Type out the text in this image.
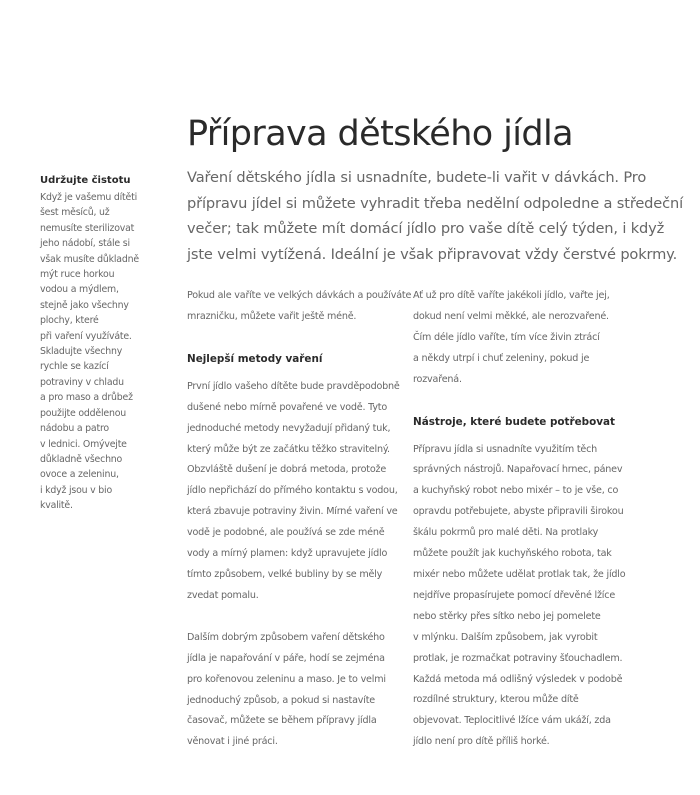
Příprava dětského jídla

Vaření dětského jídla si usnadníte, budete-li vařit v dávkách. Pro
přípravu jídel si můžete vyhradit třeba nedělní odpoledne a středeční
večer; tak můžete mít domácí jídlo pro vaše dítě celý týden, i když
jste velmi vytížená. Ideální je však připravovat vždy čerstvé pokrmy.

Udržujte čistotu
Když je vašemu dítěti
šest měsíců, už
nemusíte sterilizovat
jeho nádobí, stále si
však musíte důkladně
mýt ruce horkou
vodou a mýdlem,
stejně jako všechny
plochy, které
při vaření využíváte.
Skladujte všechny
rychle se kazící
potraviny v chladu
a pro maso a drůbež
použijte oddělenou
nádobu a patro
v lednici. Omývejte
důkladně všechno
ovoce a zeleninu,
i když jsou v bio
kvalitě.

Pokud ale vaříte ve velkých dávkách a používáte
mrazničku, můžete vařit ještě méně.

Nejlepší metody vaření

První jídlo vašeho dítěte bude pravděpodobně
dušené nebo mírně povařené ve vodě. Tyto
jednoduché metody nevyžadují přidaný tuk,
který může být ze začátku těžko stravitelný.
Obzvláště dušení je dobrá metoda, protože
jídlo nepřichází do přímého kontaktu s vodou,
která zbavuje potraviny živin. Mírné vaření ve
vodě je podobné, ale používá se zde méně
vody a mírný plamen: když upravujete jídlo
tímto způsobem, velké bubliny by se měly
zvedat pomalu.

Dalším dobrým způsobem vaření dětského
jídla je napařování v páře, hodí se zejména
pro kořenovou zeleninu a maso. Je to velmi
jednoduchý způsob, a pokud si nastavíte
časovač, můžete se během přípravy jídla
věnovat i jiné práci.

Ať už pro dítě vaříte jakékoli jídlo, vařte jej,
dokud není velmi měkké, ale nerozvařené.
Čím déle jídlo vaříte, tím více živin ztrácí
a někdy utrpí i chuť zeleniny, pokud je
rozvařená.

Nástroje, které budete potřebovat

Přípravu jídla si usnadníte využitím těch
správných nástrojů. Napařovací hrnec, pánev
a kuchyňský robot nebo mixér – to je vše, co
opravdu potřebujete, abyste připravili širokou
škálu pokrmů pro malé děti. Na protlaky
můžete použít jak kuchyňského robota, tak
mixér nebo můžete udělat protlak tak, že jídlo
nejdříve propasírujete pomocí dřevěné lžíce
nebo stěrky přes sítko nebo jej pomelete
v mlýnku. Dalším způsobem, jak vyrobit
protlak, je rozmačkat potraviny šťouchadlem.
Každá metoda má odlišný výsledek v podobě
rozdílné struktury, kterou může dítě
objevovat. Teplocitlivé lžíce vám ukáží, zda
jídlo není pro dítě příliš horké.
